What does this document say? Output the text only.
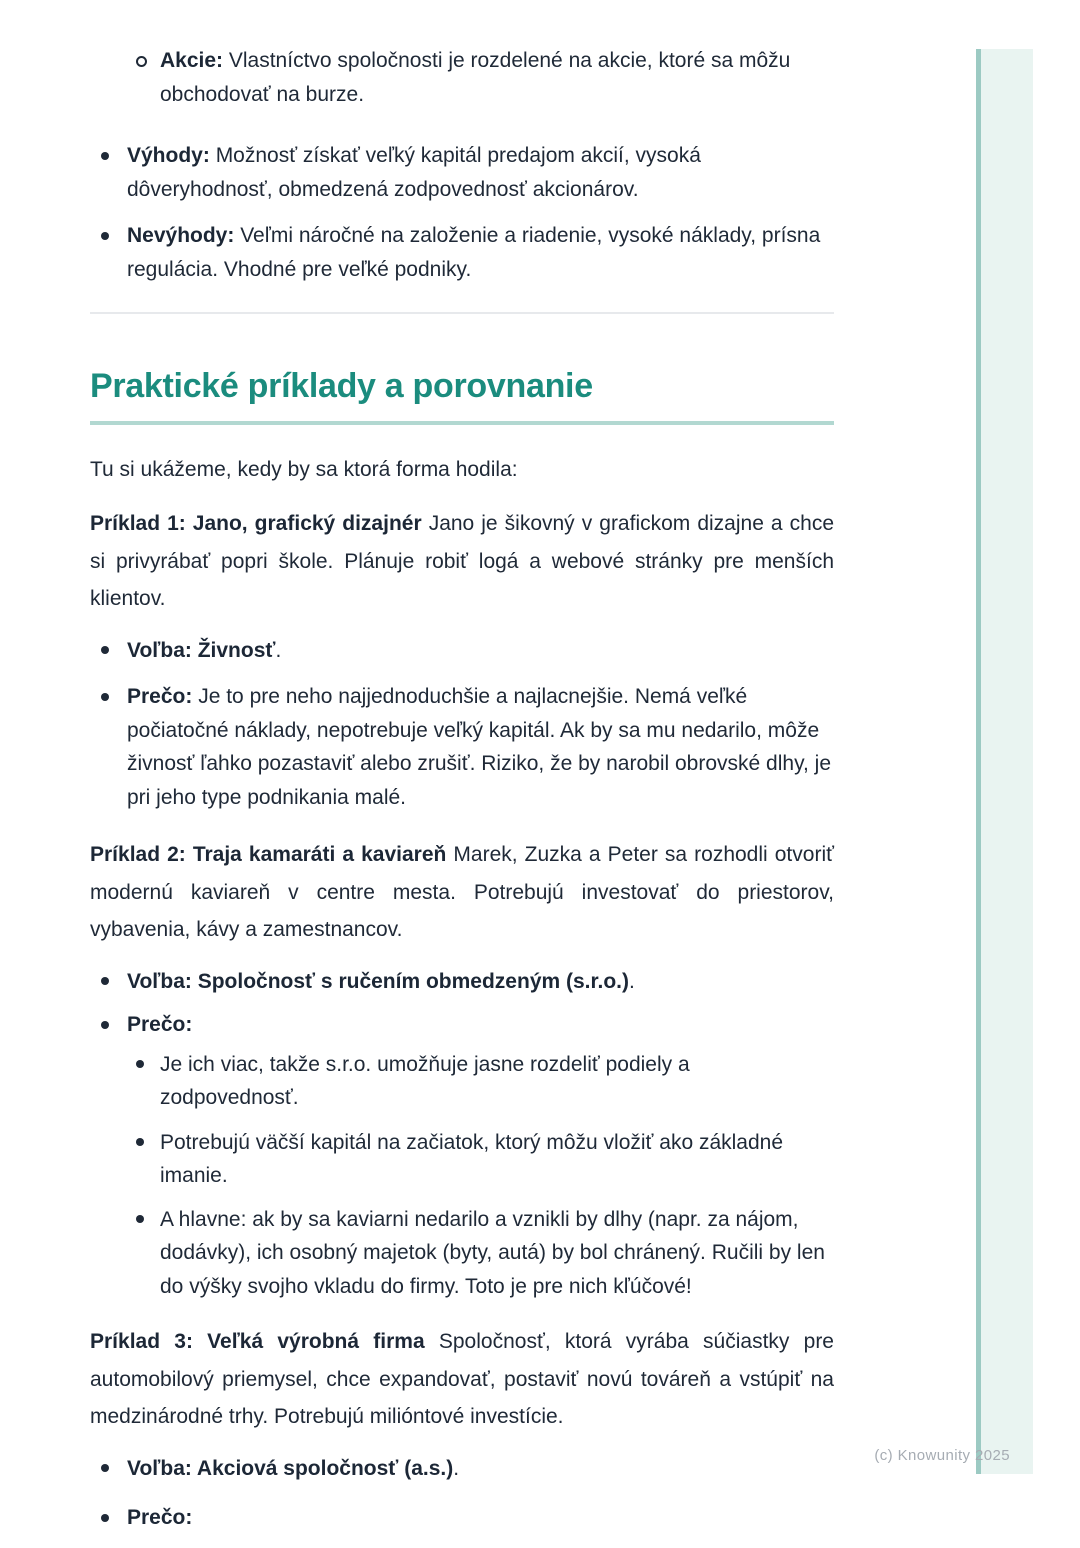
(c) Knowunity 2025
Akcie: Vlastníctvo spoločnosti je rozdelené na akcie, ktoré sa môžu obchodovať na burze.
Výhody: Možnosť získať veľký kapitál predajom akcií, vysoká dôveryhodnosť, obmedzená zodpovednosť akcionárov.
Nevýhody: Veľmi náročné na založenie a riadenie, vysoké náklady, prísna regulácia. Vhodné pre veľké podniky.
Praktické príklady a porovnanie

Tu si ukážeme, kedy by sa ktorá forma hodila:

Príklad 1: Jano, grafický dizajnér Jano je šikovný v grafickom dizajne a chce si privyrábať popri škole. Plánuje robiť logá a webové stránky pre menších klientov.

Voľba: Živnosť.
Prečo: Je to pre neho najjednoduchšie a najlacnejšie. Nemá veľké počiatočné náklady, nepotrebuje veľký kapitál. Ak by sa mu nedarilo, môže živnosť ľahko pozastaviť alebo zrušiť. Riziko, že by narobil obrovské dlhy, je pri jeho type podnikania malé.

Príklad 2: Traja kamaráti a kaviareň Marek, Zuzka a Peter sa rozhodli otvoriť modernú kaviareň v centre mesta. Potrebujú investovať do priestorov, vybavenia, kávy a zamestnancov.

Voľba: Spoločnosť s ručením obmedzeným (s.r.o.).
Prečo:
Je ich viac, takže s.r.o. umožňuje jasne rozdeliť podiely a zodpovednosť.
Potrebujú väčší kapitál na začiatok, ktorý môžu vložiť ako základné imanie.
A hlavne: ak by sa kaviarni nedarilo a vznikli by dlhy (napr. za nájom, dodávky), ich osobný majetok (byty, autá) by bol chránený. Ručili by len do výšky svojho vkladu do firmy. Toto je pre nich kľúčové!

Príklad 3: Veľká výrobná firma Spoločnosť, ktorá vyrába súčiastky pre automobilový priemysel, chce expandovať, postaviť novú továreň a vstúpiť na medzinárodné trhy. Potrebujú milióntové investície.

Voľba: Akciová spoločnosť (a.s.).
Prečo:
